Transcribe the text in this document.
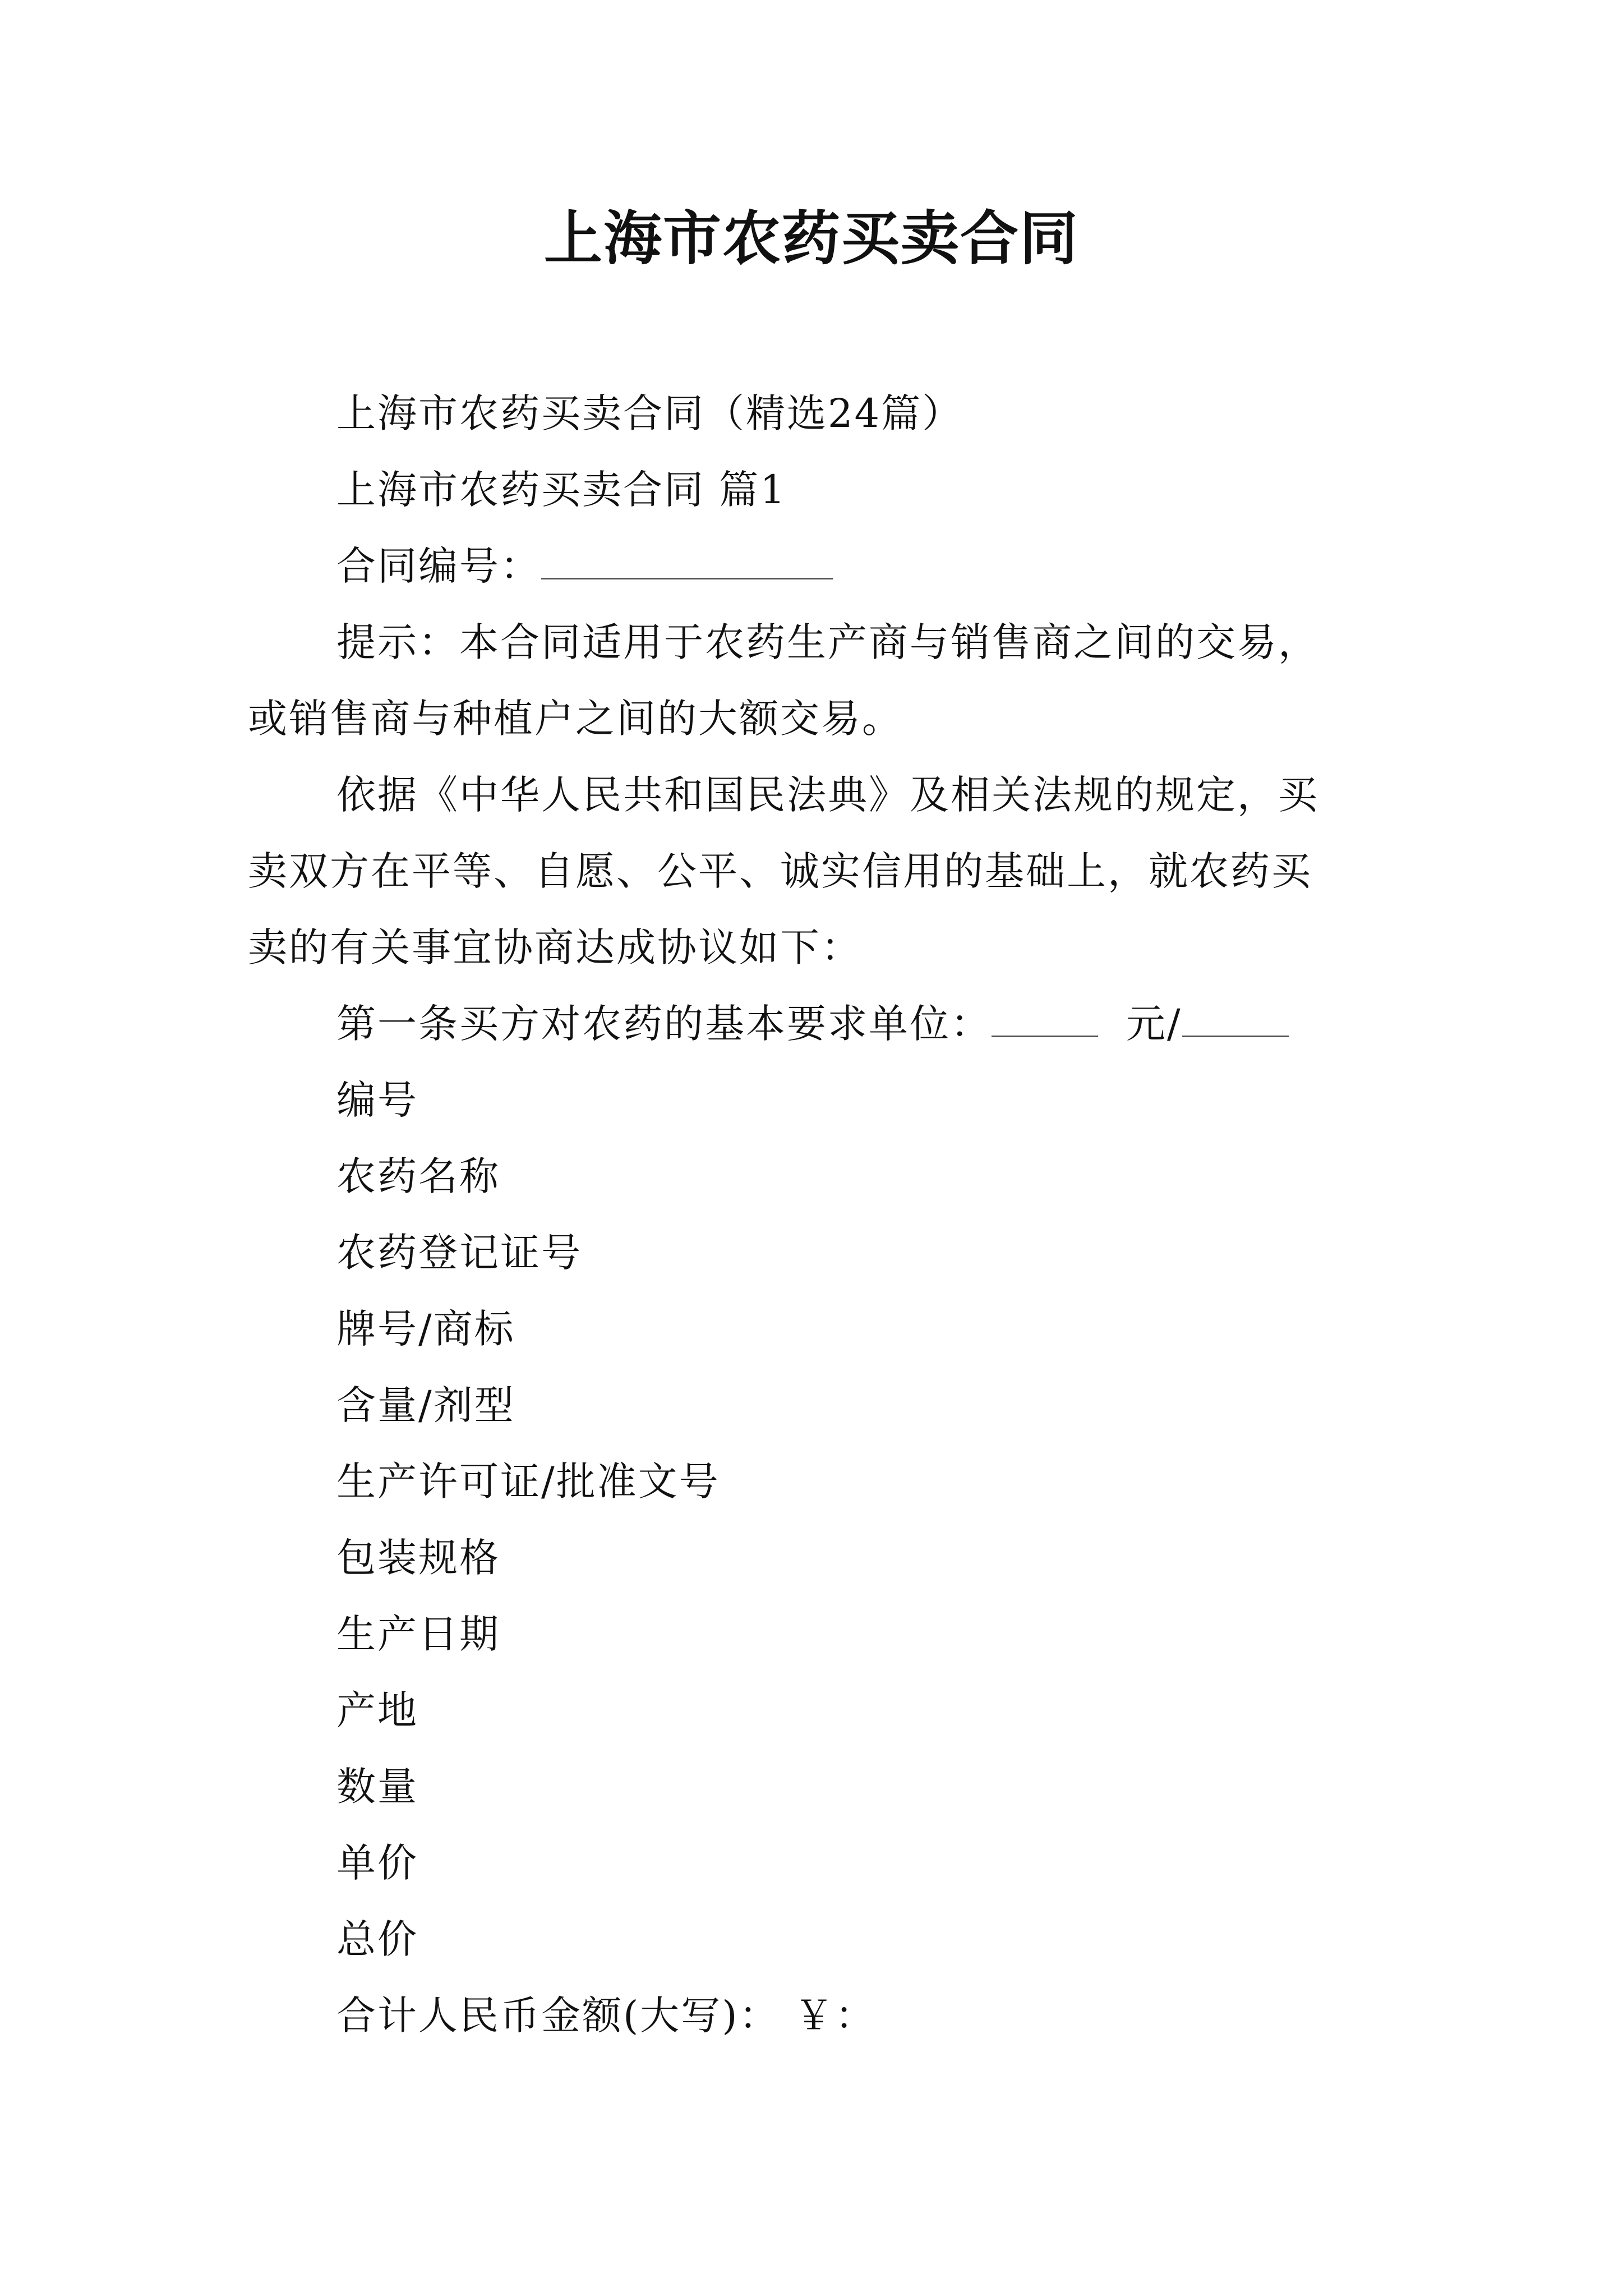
上海市农药买卖合同
上海市农药买卖合同（精选24篇）
上海市农药买卖合同 篇1
合同编号：
提示：本合同适用于农药生产商与销售商之间的交易，
或销售商与种植户之间的大额交易。
依据《中华人民共和国民法典》及相关法规的规定，买
卖双方在平等、自愿、公平、诚实信用的基础上，就农药买
卖的有关事宜协商达成协议如下：
第一条买方对农药的基本要求单位：	元/
编号
农药名称
农药登记证号
牌号/商标
含量/剂型
生产许可证/批准文号
包装规格
生产日期
产地
数量
单价
总价
合计人民币金额(大写)： ￥：
